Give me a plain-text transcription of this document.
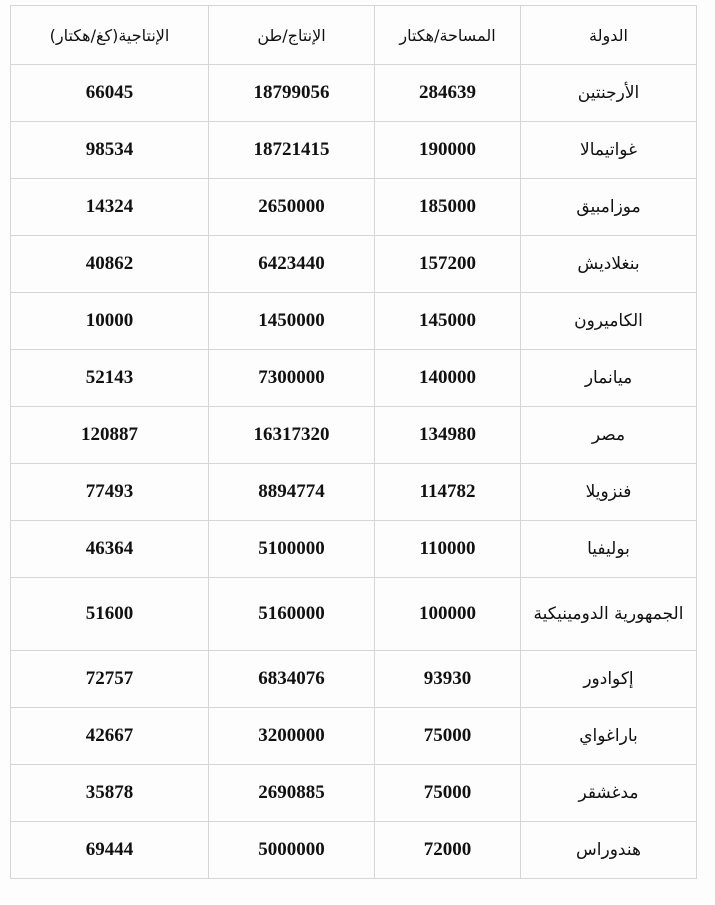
الدولة	المساحة/هكتار	الإنتاج/طن	الإنتاجية(كغ/هكتار)
الأرجنتين	284639	18799056	66045
غواتيمالا	190000	18721415	98534
موزامبيق	185000	2650000	14324
بنغلاديش	157200	6423440	40862
الكاميرون	145000	1450000	10000
ميانمار	140000	7300000	52143
مصر	134980	16317320	120887
فنزويلا	114782	8894774	77493
بوليفيا	110000	5100000	46364
الجمهورية الدومينيكية	100000	5160000	51600
إكوادور	93930	6834076	72757
باراغواي	75000	3200000	42667
مدغشقر	75000	2690885	35878
هندوراس	72000	5000000	69444
